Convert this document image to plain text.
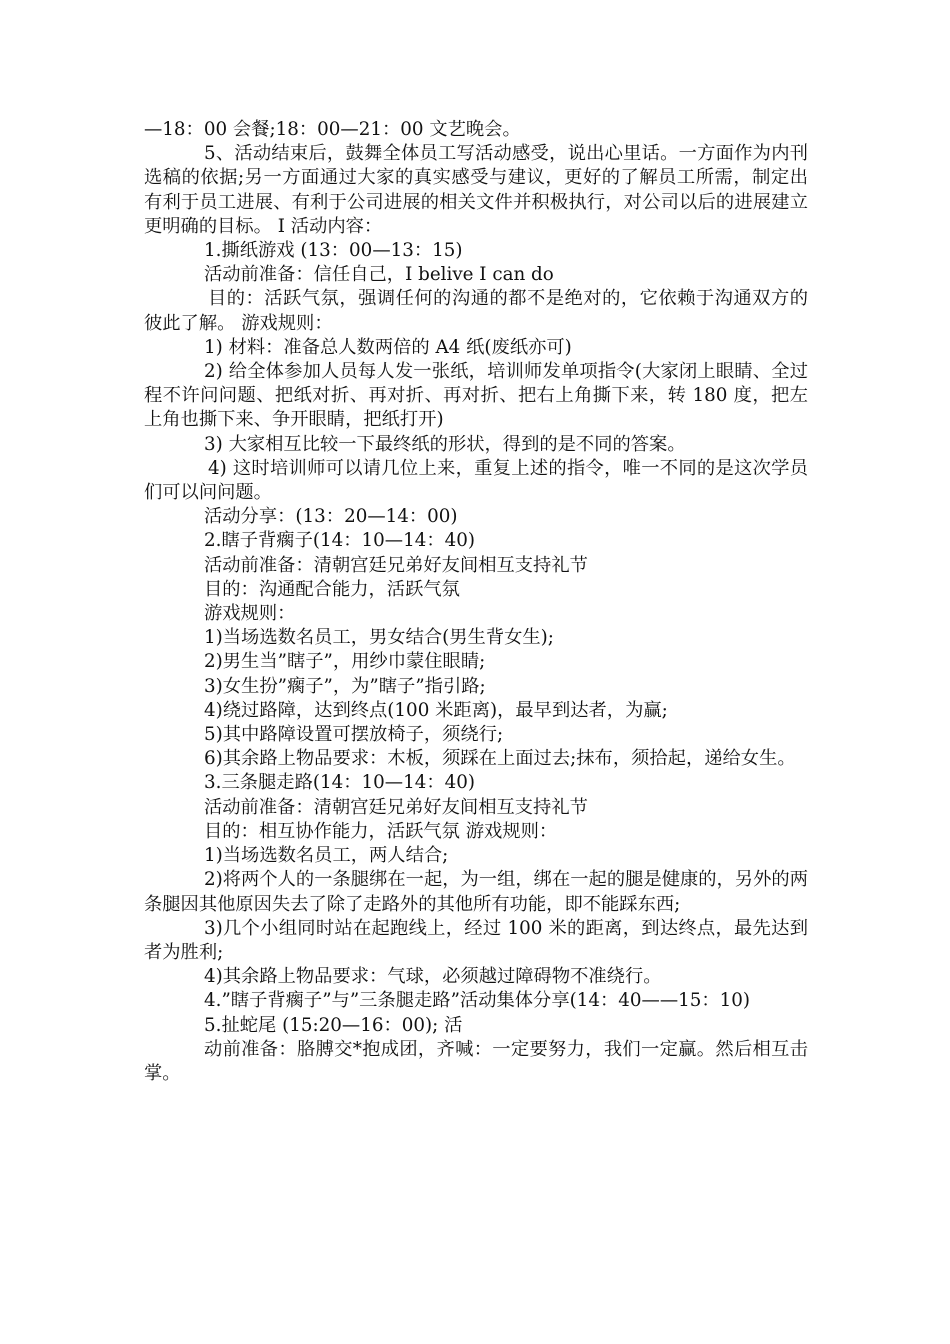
—18：00 会餐;18：00—21：00 文艺晚会。

5、活动结束后，鼓舞全体员工写活动感受，说出心里话。一方面作为内刊选稿的依据;另一方面通过大家的真实感受与建议，更好的了解员工所需，制定出有利于员工进展、有利于公司进展的相关文件并积极执行，对公司以后的进展建立更明确的目标。 I 活动内容：

1.撕纸游戏 (13：00—13：15)

活动前准备：信任自己，I belive I can do

目的：活跃气氛，强调任何的沟通的都不是绝对的，它依赖于沟通双方的彼此了解。 游戏规则：

1) 材料：准备总人数两倍的 A4 纸(废纸亦可)

2) 给全体参加人员每人发一张纸，培训师发单项指令(大家闭上眼睛、全过程不许问问题、把纸对折、再对折、再对折、把右上角撕下来，转 180 度，把左上角也撕下来、争开眼睛，把纸打开)

3) 大家相互比较一下最终纸的形状，得到的是不同的答案。

4) 这时培训师可以请几位上来，重复上述的指令，唯一不同的是这次学员们可以问问题。

活动分享：(13：20—14：00)

2.瞎子背瘸子(14：10—14：40)

活动前准备：清朝宫廷兄弟好友间相互支持礼节

目的：沟通配合能力，活跃气氛

游戏规则：

1)当场选数名员工，男女结合(男生背女生);

2)男生当”瞎子”，用纱巾蒙住眼睛;

3)女生扮”瘸子”，为”瞎子”指引路;

4)绕过路障，达到终点(100 米距离)，最早到达者，为赢;

5)其中路障设置可摆放椅子，须绕行;

6)其余路上物品要求：木板，须踩在上面过去;抹布，须拾起，递给女生。

3.三条腿走路(14：10—14：40)

活动前准备：清朝宫廷兄弟好友间相互支持礼节

目的：相互协作能力，活跃气氛 游戏规则：

1)当场选数名员工，两人结合;

2)将两个人的一条腿绑在一起，为一组，绑在一起的腿是健康的，另外的两条腿因其他原因失去了除了走路外的其他所有功能，即不能踩东西;

3)几个小组同时站在起跑线上，经过 100 米的距离，到达终点，最先达到者为胜利;

4)其余路上物品要求：气球，必须越过障碍物不准绕行。

4.”瞎子背瘸子”与”三条腿走路”活动集体分享(14：40——15：10)

5.扯蛇尾 (15:20—16：00); 活

动前准备：胳膊交*抱成团，齐喊：一定要努力，我们一定赢。然后相互击掌。
